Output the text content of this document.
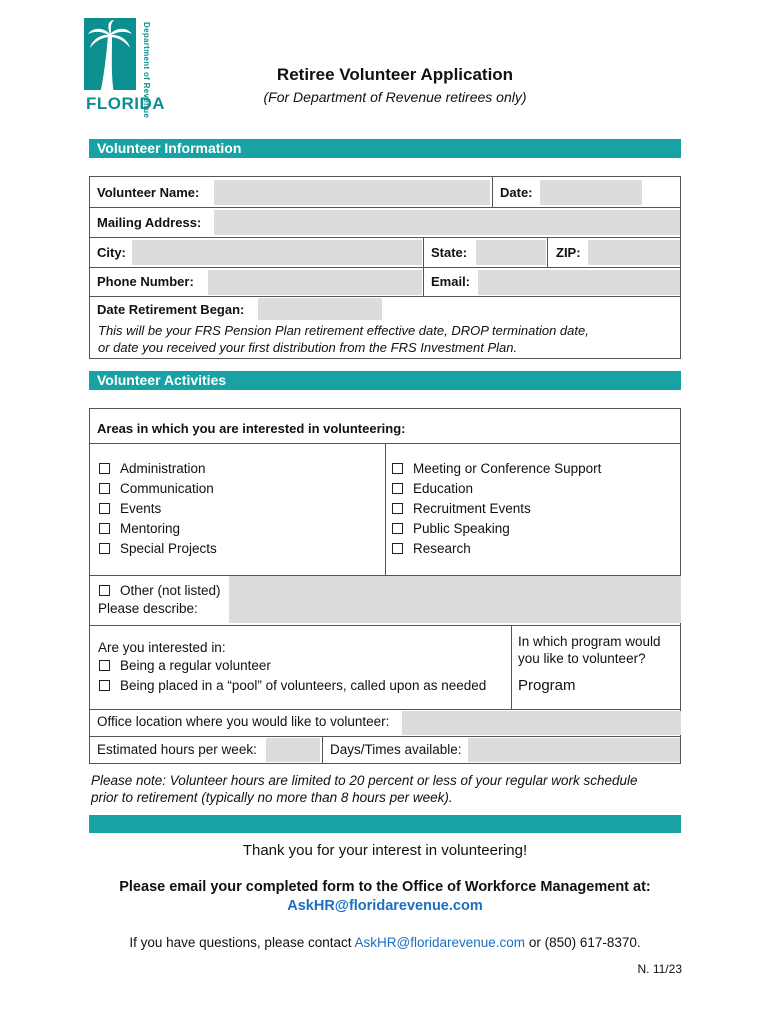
Department of Revenue
FLORIDA
Retiree Volunteer Application
(For Department of Revenue retirees only)
Volunteer Information
Volunteer Name:	Date:
Mailing Address:
City:	State:	ZIP:
Phone Number:	Email:
Date Retirement Began:
This will be your FRS Pension Plan retirement effective date, DROP termination date,
or date you received your first distribution from the FRS Investment Plan.
Volunteer Activities
Areas in which you are interested in volunteering:
Administration
Communication
Events
Mentoring
Special Projects
Meeting or Conference Support
Education
Recruitment Events
Public Speaking
Research
Other (not listed)
Please describe:
Are you interested in:
Being a regular volunteer
Being placed in a “pool” of volunteers, called upon as needed
In which program would
you like to volunteer?
Program
Office location where you would like to volunteer:
Estimated hours per week:	Days/Times available:
Please note: Volunteer hours are limited to 20 percent or less of your regular work schedule
prior to retirement (typically no more than 8 hours per week).
Thank you for your interest in volunteering!
Please email your completed form to the Office of Workforce Management at:
AskHR@floridarevenue.com
If you have questions, please contact AskHR@floridarevenue.com or (850) 617-8370.
N. 11/23
